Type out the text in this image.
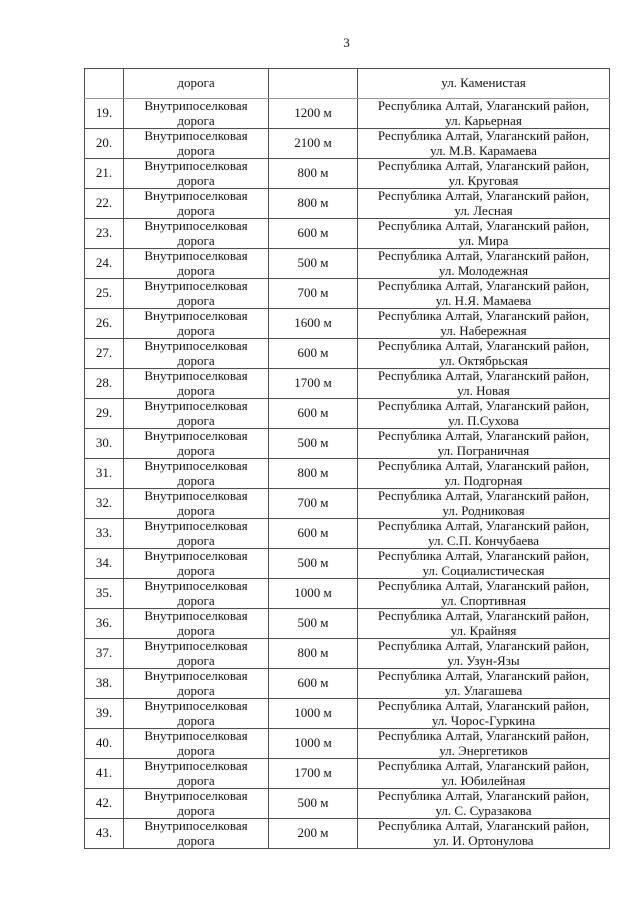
3
	дорога		ул. Каменистая
19.	Внутрипоселковая дорога	1200 м	Республика Алтай, Улаганский район,
ул. Карьерная

20.	Внутрипоселковая дорога	2100 м	Республика Алтай, Улаганский район,
ул. М.В. Карамаева

21.	Внутрипоселковая дорога	800 м	Республика Алтай, Улаганский район,
ул. Круговая

22.	Внутрипоселковая дорога	800 м	Республика Алтай, Улаганский район,
ул. Лесная

23.	Внутрипоселковая дорога	600 м	Республика Алтай, Улаганский район,
ул. Мира

24.	Внутрипоселковая дорога	500 м	Республика Алтай, Улаганский район,
ул. Молодежная

25.	Внутрипоселковая дорога	700 м	Республика Алтай, Улаганский район,
ул. Н.Я. Мамаева

26.	Внутрипоселковая дорога	1600 м	Республика Алтай, Улаганский район,
ул. Набережная

27.	Внутрипоселковая дорога	600 м	Республика Алтай, Улаганский район,
ул. Октябрьская

28.	Внутрипоселковая дорога	1700 м	Республика Алтай, Улаганский район,
ул. Новая

29.	Внутрипоселковая дорога	600 м	Республика Алтай, Улаганский район,
ул. П.Сухова

30.	Внутрипоселковая дорога	500 м	Республика Алтай, Улаганский район,
ул. Пограничная

31.	Внутрипоселковая дорога	800 м	Республика Алтай, Улаганский район,
ул. Подгорная

32.	Внутрипоселковая дорога	700 м	Республика Алтай, Улаганский район,
ул. Родниковая

33.	Внутрипоселковая дорога	600 м	Республика Алтай, Улаганский район,
ул. С.П. Кончубаева

34.	Внутрипоселковая дорога	500 м	Республика Алтай, Улаганский район,
ул. Социалистическая

35.	Внутрипоселковая дорога	1000 м	Республика Алтай, Улаганский район,
ул. Спортивная

36.	Внутрипоселковая дорога	500 м	Республика Алтай, Улаганский район,
ул. Крайняя

37.	Внутрипоселковая дорога	800 м	Республика Алтай, Улаганский район,
ул. Узун-Язы

38.	Внутрипоселковая дорога	600 м	Республика Алтай, Улаганский район,
ул. Улагашева

39.	Внутрипоселковая дорога	1000 м	Республика Алтай, Улаганский район,
ул. Чорос-Гуркина

40.	Внутрипоселковая дорога	1000 м	Республика Алтай, Улаганский район,
ул. Энергетиков

41.	Внутрипоселковая дорога	1700 м	Республика Алтай, Улаганский район,
ул. Юбилейная

42.	Внутрипоселковая дорога	500 м	Республика Алтай, Улаганский район,
ул. С. Суразакова

43.	Внутрипоселковая дорога	200 м	Республика Алтай, Улаганский район,
ул. И. Ортонулова
